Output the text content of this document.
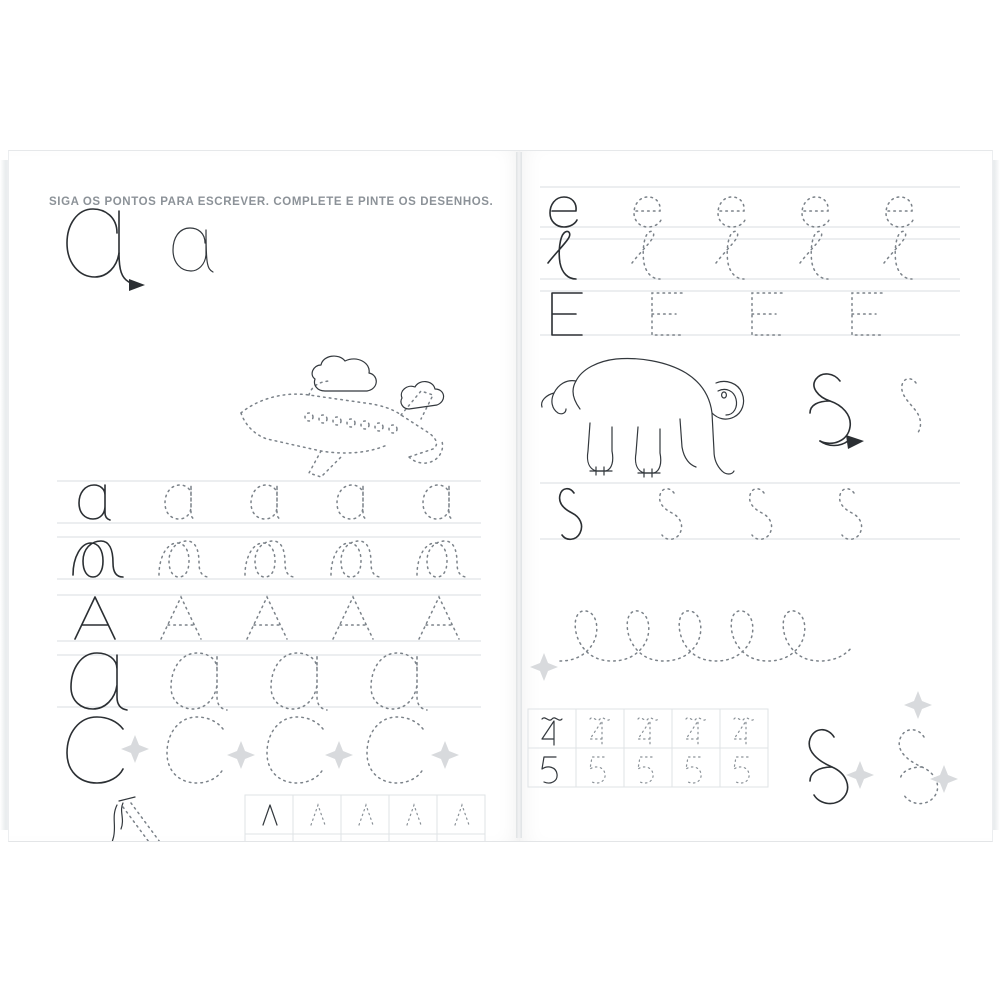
SIGA OS PONTOS PARA ESCREVER. COMPLETE E PINTE OS DESENHOS.
